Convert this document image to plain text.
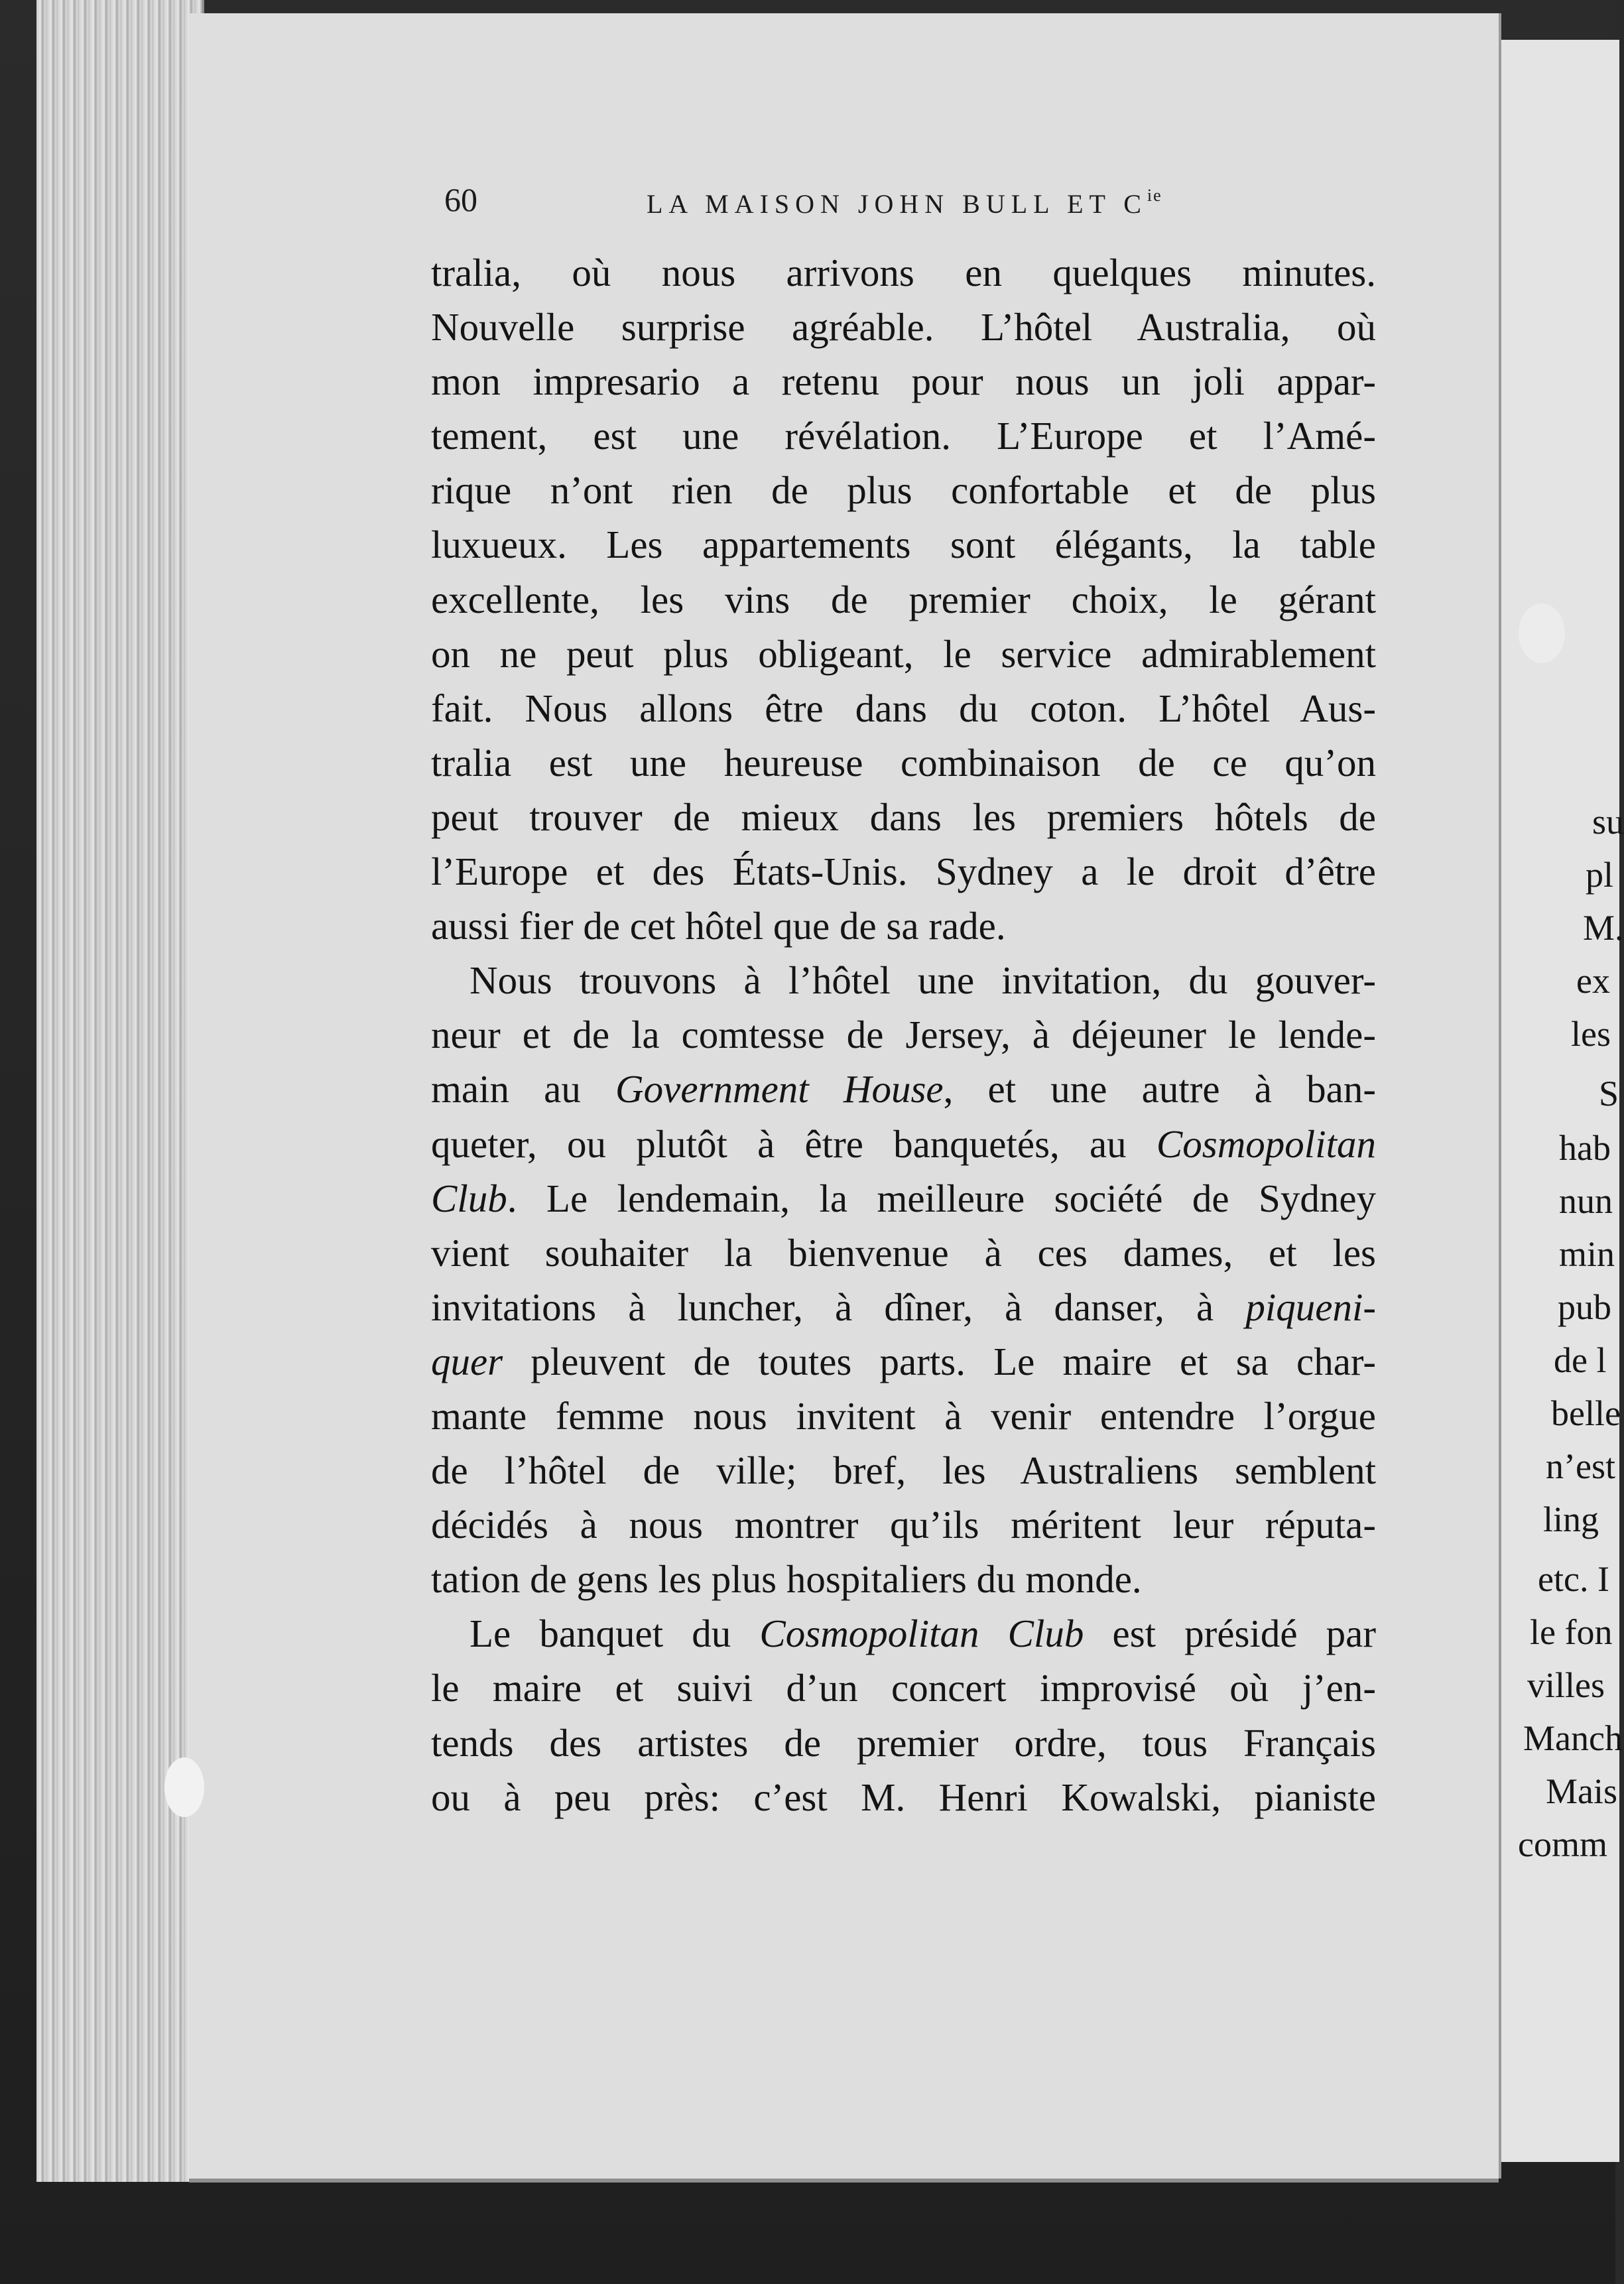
su
pl
M.
ex
les
S
hab
nun
min
pub
de l
belle
n’est
ling
etc. I
le fon
villes
Manch
Mais
comm
60	LA MAISON JOHN BULL ET $C^{ie}$
tralia, où nous arrivons en quelques minutes.
Nouvelle surprise agréable. L’hôtel Australia, où
mon impresario a retenu pour nous un joli appar-
tement, est une révélation. L’Europe et l’Amé-
rique n’ont rien de plus confortable et de plus
luxueux. Les appartements sont élégants, la table
excellente, les vins de premier choix, le gérant
on ne peut plus obligeant, le service admirablement
fait. Nous allons être dans du coton. L’hôtel Aus-
tralia est une heureuse combinaison de ce qu’on
peut trouver de mieux dans les premiers hôtels de
l’Europe et des États-Unis. Sydney a le droit d’être
aussi fier de cet hôtel que de sa rade.
Nous trouvons à l’hôtel une invitation, du gouver-
neur et de la comtesse de Jersey, à déjeuner le lende-
main au Government House, et une autre à ban-
queter, ou plutôt à être banquetés, au Cosmopolitan
Club. Le lendemain, la meilleure société de Sydney
vient souhaiter la bienvenue à ces dames, et les
invitations à luncher, à dîner, à danser, à piqueni-
quer pleuvent de toutes parts. Le maire et sa char-
mante femme nous invitent à venir entendre l’orgue
de l’hôtel de ville; bref, les Australiens semblent
décidés à nous montrer qu’ils méritent leur réputa-
tation de gens les plus hospitaliers du monde.
Le banquet du Cosmopolitan Club est présidé par
le maire et suivi d’un concert improvisé où j’en-
tends des artistes de premier ordre, tous Français
ou à peu près: c’est M. Henri Kowalski, pianiste
